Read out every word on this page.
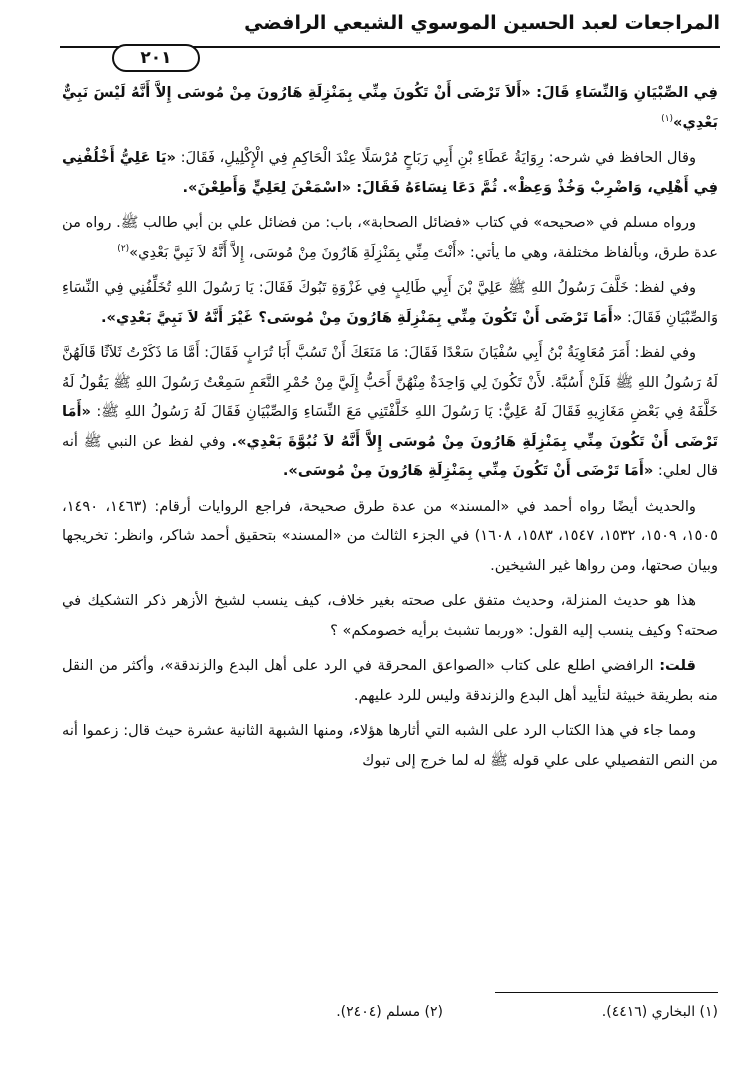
المراجعات لعبد الحسين الموسوي الشيعي الرافضي
٢٠١

فِي الصِّبْيَانِ وَالنِّسَاءِ قَالَ: «أَلاَ تَرْضَى أَنْ تَكُونَ مِنِّي بِمَنْزِلَةِ هَارُونَ مِنْ مُوسَى إِلاَّ أَنَّهُ لَيْسَ نَبِيٌّ بَعْدِي»$^{(١)}$

وقال الحافظ في شرحه: رِوَايَةُ عَطَاءِ بْنِ أَبِي رَبَاحٍ مُرْسَلًا عِنْدَ الْحَاكِمِ فِي الْإِكْلِيلِ، فَقَالَ: «يَا عَلِيُّ أَخْلُفْنِي فِي أَهْلِي، وَاضْرِبْ وَخُذْ وَعِظْ». ثُمَّ دَعَا نِسَاءَهُ فَقَالَ: «اسْمَعْنَ لِعَلِيٍّ وَأَطِعْنَ».

ورواه مسلم في «صحيحه» في كتاب «فضائل الصحابة»، باب: من فضائل علي بن أبي طالب ﷺ. رواه من عدة طرق، وبألفاظ مختلفة، وهي ما يأتي: «أَنْتَ مِنِّي بِمَنْزِلَةِ هَارُونَ مِنْ مُوسَى، إِلاَّ أَنَّهُ لاَ نَبِيَّ بَعْدِي»$^{(٢)}$

وفي لفظ: خَلَّفَ رَسُولُ اللهِ ﷺ عَلِيَّ بْنَ أَبِي طَالِبٍ فِي غَزْوَةِ تَبُوكَ فَقَالَ: يَا رَسُولَ اللهِ تُخَلِّفُنِي فِي النِّسَاءِ وَالصِّبْيَانِ فَقَالَ: «أَمَا تَرْضَى أَنْ تَكُونَ مِنِّي بِمَنْزِلَةِ هَارُونَ مِنْ مُوسَى؟ غَيْرَ أَنَّهُ لاَ نَبِيَّ بَعْدِي».

وفي لفظ: أَمَرَ مُعَاوِيَةُ بْنُ أَبِي سُفْيَانَ سَعْدًا فَقَالَ: مَا مَنَعَكَ أَنْ تَسُبَّ أَبَا تُرَابٍ فَقَالَ: أَمَّا مَا ذَكَرْتُ ثَلاَثًا قَالَهُنَّ لَهُ رَسُولُ اللهِ ﷺ فَلَنْ أَسُبَّهُ. لأَنْ تَكُونَ لِي وَاحِدَةٌ مِنْهُنَّ أَحَبُّ إِلَيَّ مِنْ حُمْرِ النَّعَمِ سَمِعْتُ رَسُولَ اللهِ ﷺ يَقُولُ لَهُ خَلَّفَهُ فِي بَعْضِ مَغَازِيهِ فَقَالَ لَهُ عَلِيٌّ: يَا رَسُولَ اللهِ خَلَّفْتَنِي مَعَ النِّسَاءِ وَالصِّبْيَانِ فَقَالَ لَهُ رَسُولُ اللهِ ﷺ: «أَمَا تَرْضَى أَنْ تَكُونَ مِنِّي بِمَنْزِلَةِ هَارُونَ مِنْ مُوسَى إِلاَّ أَنَّهُ لاَ نُبُوَّةَ بَعْدِي». وفي لفظ عن النبي ﷺ أنه قال لعلي: «أَمَا تَرْضَى أَنْ تَكُونَ مِنِّي بِمَنْزِلَةِ هَارُونَ مِنْ مُوسَى».

والحديث أيضًا رواه أحمد في «المسند» من عدة طرق صحيحة، فراجع الروايات أرقام: (١٤٦٣، ١٤٩٠، ١٥٠٥، ١٥٠٩، ١٥٣٢، ١٥٤٧، ١٥٨٣، ١٦٠٨) في الجزء الثالث من «المسند» بتحقيق أحمد شاكر، وانظر: تخريجها وبيان صحتها، ومن رواها غير الشيخين.

هذا هو حديث المنزلة، وحديث متفق على صحته بغير خلاف، كيف ينسب لشيخ الأزهر ذكر التشكيك في صحته؟ وكيف ينسب إليه القول: «وربما تشبث برأيه خصومكم» ؟

قلت: الرافضي اطلع على كتاب «الصواعق المحرقة في الرد على أهل البدع والزندقة»، وأكثر من النقل منه بطريقة خبيثة لتأييد أهل البدع والزندقة وليس للرد عليهم.

ومما جاء في هذا الكتاب الرد على الشبه التي أثارها هؤلاء، ومنها الشبهة الثانية عشرة حيث قال: زعموا أنه من النص التفصيلي على علي قوله ﷺ له لما خرج إلى تبوك

(١) البخاري (٤٤١٦).
(٢) مسلم (٢٤٠٤).
